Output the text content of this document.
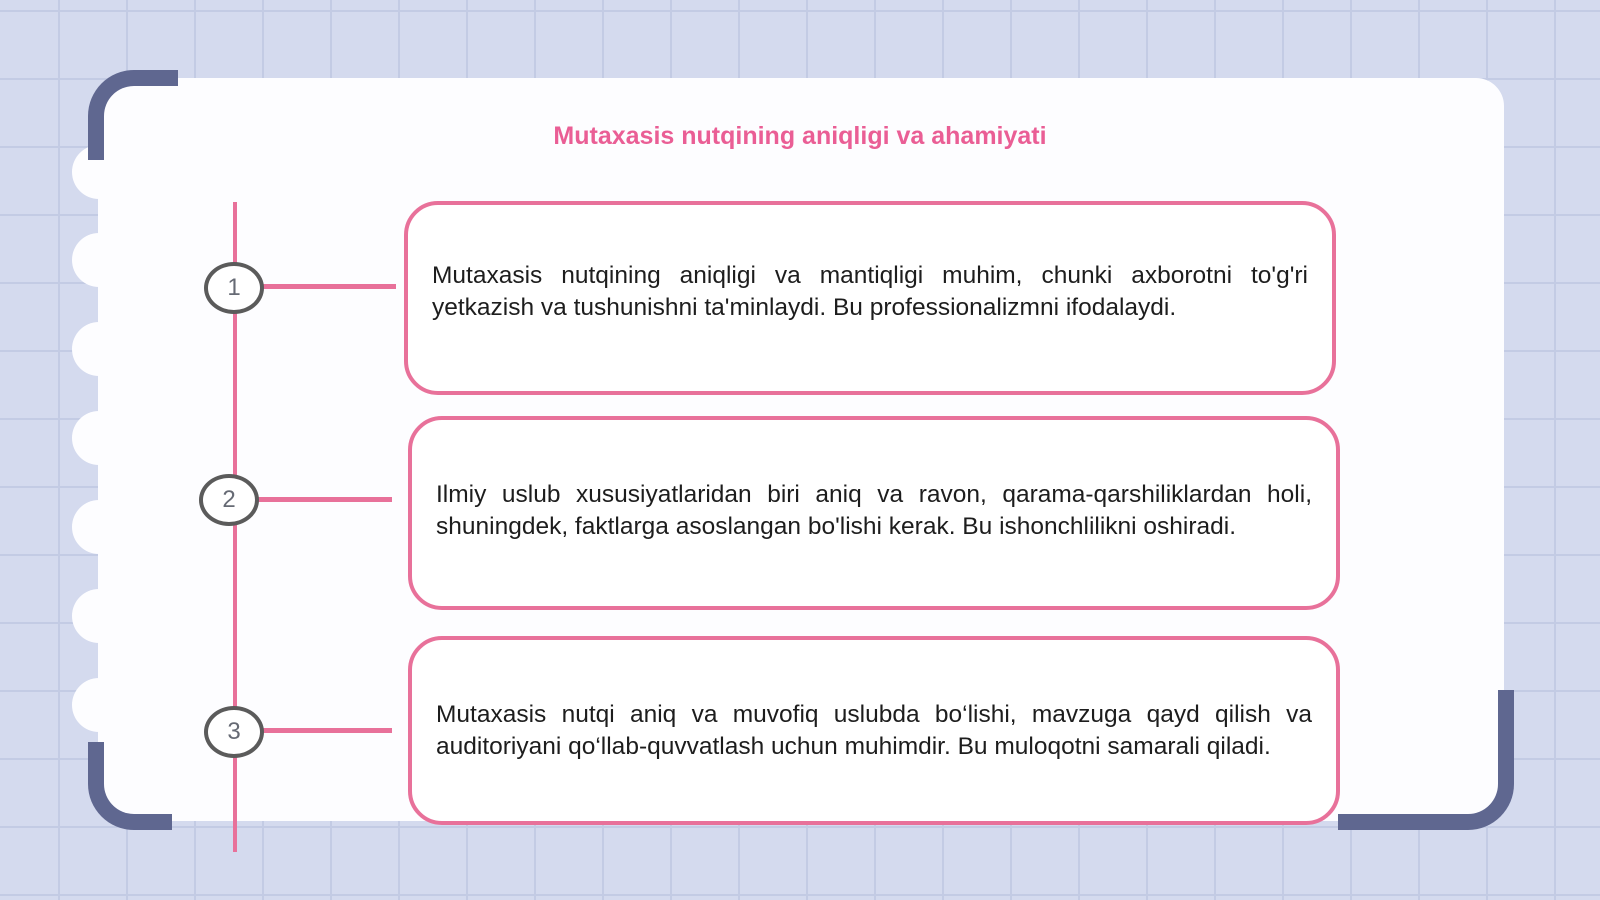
Mutaxasis nutqining aniqligi va ahamiyati
1
2
3

Mutaxasis nutqining aniqligi va mantiqligi muhim, chunki axborotni to'g'ri yetkazish va tushunishni ta'minlaydi. Bu professionalizmni ifodalaydi.

Ilmiy uslub xususiyatlaridan biri aniq va ravon, qarama-qarshiliklardan holi, shuningdek, faktlarga asoslangan bo'lishi kerak. Bu ishonchlilikni oshiradi.

Mutaxasis nutqi aniq va muvofiq uslubda bo‘lishi, mavzuga qayd qilish va auditoriyani qo‘llab-quvvatlash uchun muhimdir. Bu muloqotni samarali qiladi.
